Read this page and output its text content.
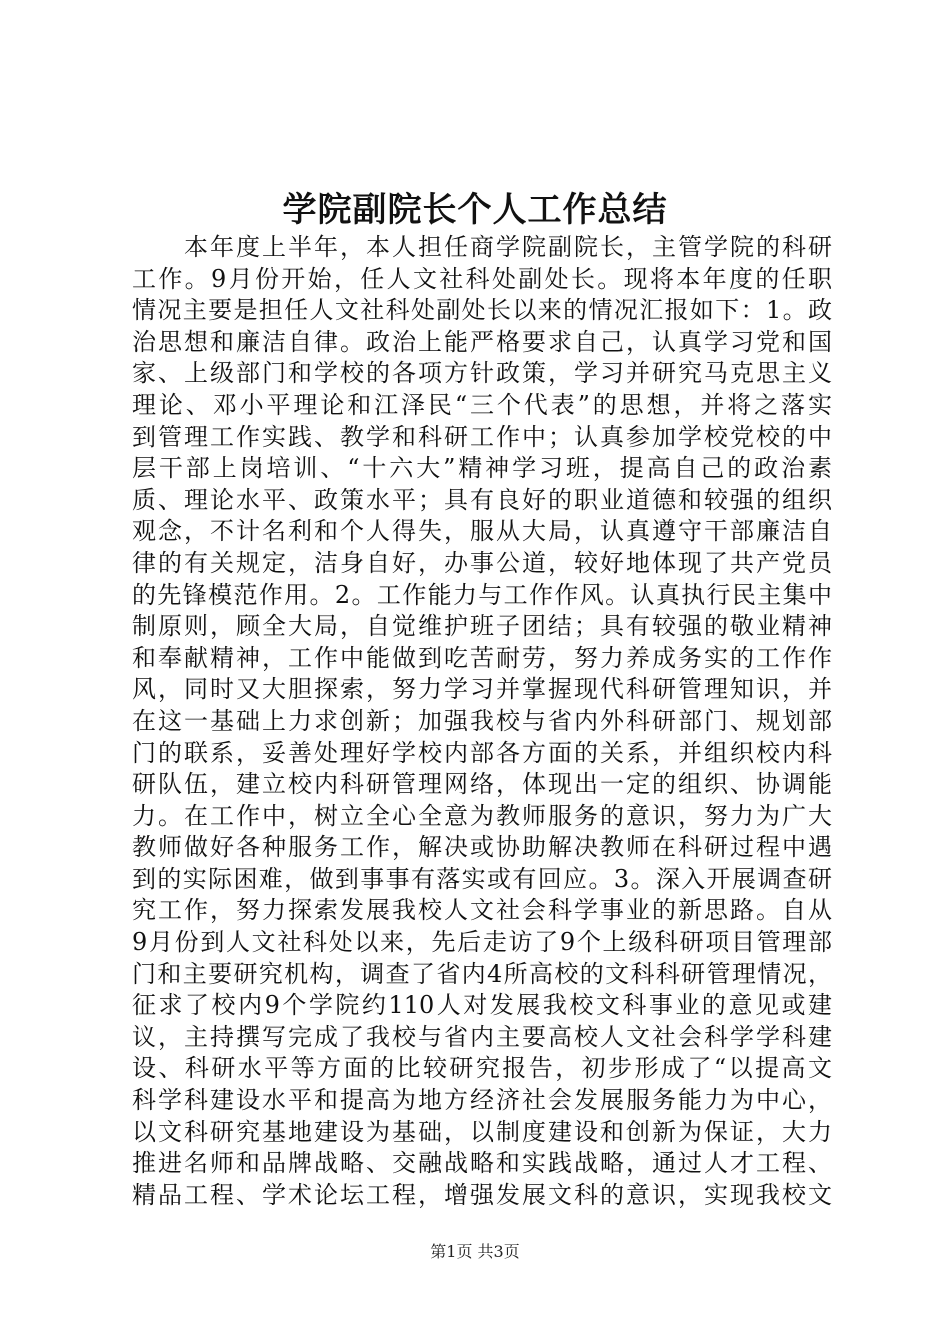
学院副院长个人工作总结
　　本年度上半年，本人担任商学院副院长，主管学院的科研
工作。9月份开始，任人文社科处副处长。现将本年度的任职
情况主要是担任人文社科处副处长以来的情况汇报如下：1。政
治思想和廉洁自律。政治上能严格要求自己，认真学习党和国
家、上级部门和学校的各项方针政策，学习并研究马克思主义
理论、邓小平理论和江泽民“三个代表”的思想，并将之落实
到管理工作实践、教学和科研工作中；认真参加学校党校的中
层干部上岗培训、“十六大”精神学习班，提高自己的政治素
质、理论水平、政策水平；具有良好的职业道德和较强的组织
观念，不计名利和个人得失，服从大局，认真遵守干部廉洁自
律的有关规定，洁身自好，办事公道，较好地体现了共产党员
的先锋模范作用。2。工作能力与工作作风。认真执行民主集中
制原则，顾全大局，自觉维护班子团结；具有较强的敬业精神
和奉献精神，工作中能做到吃苦耐劳，努力养成务实的工作作
风，同时又大胆探索，努力学习并掌握现代科研管理知识，并
在这一基础上力求创新；加强我校与省内外科研部门、规划部
门的联系，妥善处理好学校内部各方面的关系，并组织校内科
研队伍，建立校内科研管理网络，体现出一定的组织、协调能
力。在工作中，树立全心全意为教师服务的意识，努力为广大
教师做好各种服务工作，解决或协助解决教师在科研过程中遇
到的实际困难，做到事事有落实或有回应。3。深入开展调查研
究工作，努力探索发展我校人文社会科学事业的新思路。自从
9月份到人文社科处以来，先后走访了9个上级科研项目管理部
门和主要研究机构，调查了省内4所高校的文科科研管理情况，
征求了校内9个学院约110人对发展我校文科事业的意见或建
议，主持撰写完成了我校与省内主要高校人文社会科学学科建
设、科研水平等方面的比较研究报告，初步形成了“以提高文
科学科建设水平和提高为地方经济社会发展服务能力为中心，
以文科研究基地建设为基础，以制度建设和创新为保证，大力
推进名师和品牌战略、交融战略和实践战略，通过人才工程、
精品工程、学术论坛工程，增强发展文科的意识，实现我校文
第1页 共3页
